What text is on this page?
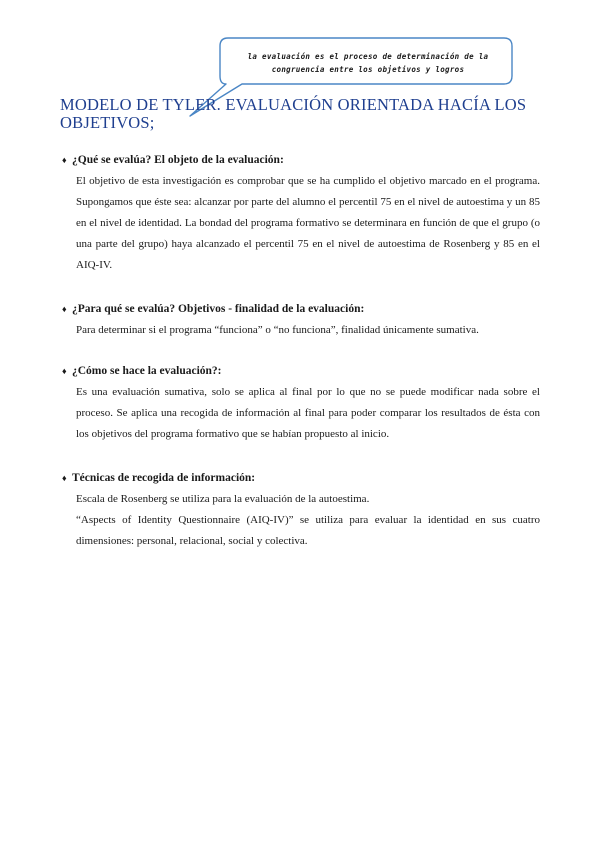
la evaluación es el proceso de determinación de la
congruencia entre los objetivos y logros
MODELO DE TYLER. EVALUACIÓN ORIENTADA HACÍA LOS OBJETIVOS;

♦ ¿Qué se evalúa? El objeto de la evaluación:

El objetivo de esta investigación es comprobar que se ha cumplido el objetivo marcado en el programa. Supongamos que éste sea: alcanzar por parte del alumno el percentil 75 en el nivel de autoestima y un 85 en el nivel de identidad. La bondad del programa formativo se determinara en función de que el grupo (o una parte del grupo) haya alcanzado el percentil 75 en el nivel de autoestima de Rosenberg y 85 en el AIQ-IV.

♦ ¿Para qué se evalúa? Objetivos - finalidad de la evaluación:

Para determinar si el programa “funciona” o “no funciona”, finalidad únicamente sumativa.

♦ ¿Cómo se hace la evaluación?:

Es una evaluación sumativa, solo se aplica al final por lo que no se puede modificar nada sobre el proceso. Se aplica una recogida de información al final para poder comparar los resultados de ésta con los objetivos del programa formativo que se habían propuesto al inicio.

♦ Técnicas de recogida de información:

Escala de Rosenberg se utiliza para la evaluación de la autoestima.

“Aspects of Identity Questionnaire (AIQ-IV)” se utiliza para evaluar la identidad en sus cuatro dimensiones: personal, relacional, social y colectiva.
